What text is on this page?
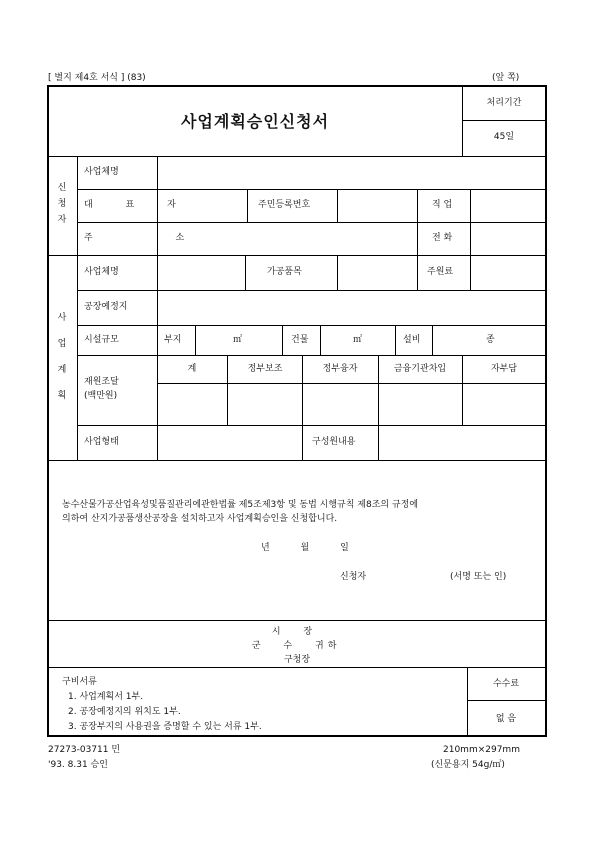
[ 별지 제4호 서식 ] (83)	(앞 쪽)
사업계획승인신청서
처리기간
45일
신청자
사업체명
대 표 자	주민등록번호	직 업
주 소	전 화
사업계획
사업체명	가공품목	주원료
공장예정지
시설규모	부지	㎡	건물	㎡	설비	종
재원조달
(백만원)
계	정부보조	정부융자	금융기관차입	자부담
사업형태	구성원내용
농수산물가공산업육성및품질관리에관한법률 제5조제3항 및 동법 시행규칙 제8조의 규정에
의하여 산지가공품생산공장을 설치하고자 사업계획승인을 신청합니다.
년 월 일
신청자	(서명 또는 인)
시 장
군 수 귀하
구청장
구비서류
1. 사업계획서 1부.
2. 공장예정지의 위치도 1부.
3. 공장부지의 사용권을 증명할 수 있는 서류 1부.
수수료
없 음
27273-03711 민
'93. 8.31 승인
210mm×297mm
(신문용지 54g/㎡)
